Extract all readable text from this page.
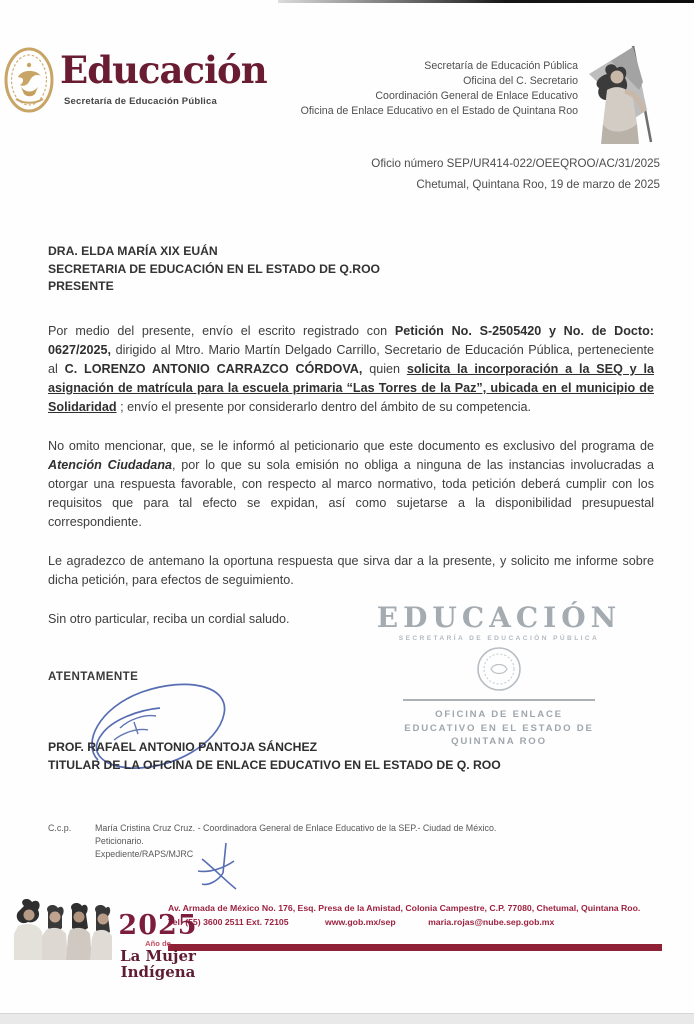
Educación
Secretaría de Educación Pública
Secretaría de Educación Pública
Oficina del C. Secretario
Coordinación General de Enlace Educativo
Oficina de Enlace Educativo en el Estado de Quintana Roo
Oficio número SEP/UR414-022/OEEQROO/AC/31/2025
Chetumal, Quintana Roo, 19 de marzo de 2025
DRA. ELDA MARÍA XIX EUÁN
SECRETARIA DE EDUCACIÓN EN EL ESTADO DE Q.ROO
PRESENTE

Por medio del presente, envío el escrito registrado con Petición No. S-2505420 y No. de Docto: 0627/2025, dirigido al Mtro. Mario Martín Delgado Carrillo, Secretario de Educación Pública, perteneciente al C. LORENZO ANTONIO CARRAZCO CÓRDOVA, quien solicita la incorporación a la SEQ y la asignación de matrícula para la escuela primaria “Las Torres de la Paz”, ubicada en el municipio de Solidaridad ; envío el presente por considerarlo dentro del ámbito de su competencia.

No omito mencionar, que, se le informó al peticionario que este documento es exclusivo del programa de Atención Ciudadana, por lo que su sola emisión no obliga a ninguna de las instancias involucradas a otorgar una respuesta favorable, con respecto al marco normativo, toda petición deberá cumplir con los requisitos que para tal efecto se expidan, así como sujetarse a la disponibilidad presupuestal correspondiente.

Le agradezco de antemano la oportuna respuesta que sirva dar a la presente, y solicito me informe sobre dicha petición, para efectos de seguimiento.

Sin otro particular, reciba un cordial saludo.	EDUCACIÓN
SECRETARÍA DE EDUCACIÓN PÚBLICA
OFICINA DE ENLACE
EDUCATIVO EN EL ESTADO DE
QUINTANA ROO
ATENTAMENTE
PROF. RAFAEL ANTONIO PANTOJA SÁNCHEZ
TITULAR DE LA OFICINA DE ENLACE EDUCATIVO EN EL ESTADO DE Q. ROO
C.c.p.	María Cristina Cruz Cruz. - Coordinadora General de Enlace Educativo de la SEP.- Ciudad de México.
Peticionario.
Expediente/RAPS/MJRC
Av. Armada de México No. 176, Esq. Presa de la Amistad, Colonia Campestre, C.P. 77080, Chetumal, Quintana Roo.
Tel: (55) 3600 2511 Ext. 72105	www.gob.mx/sep	maria.rojas@nube.sep.gob.mx
2025
Año de
La Mujer
Indígena
